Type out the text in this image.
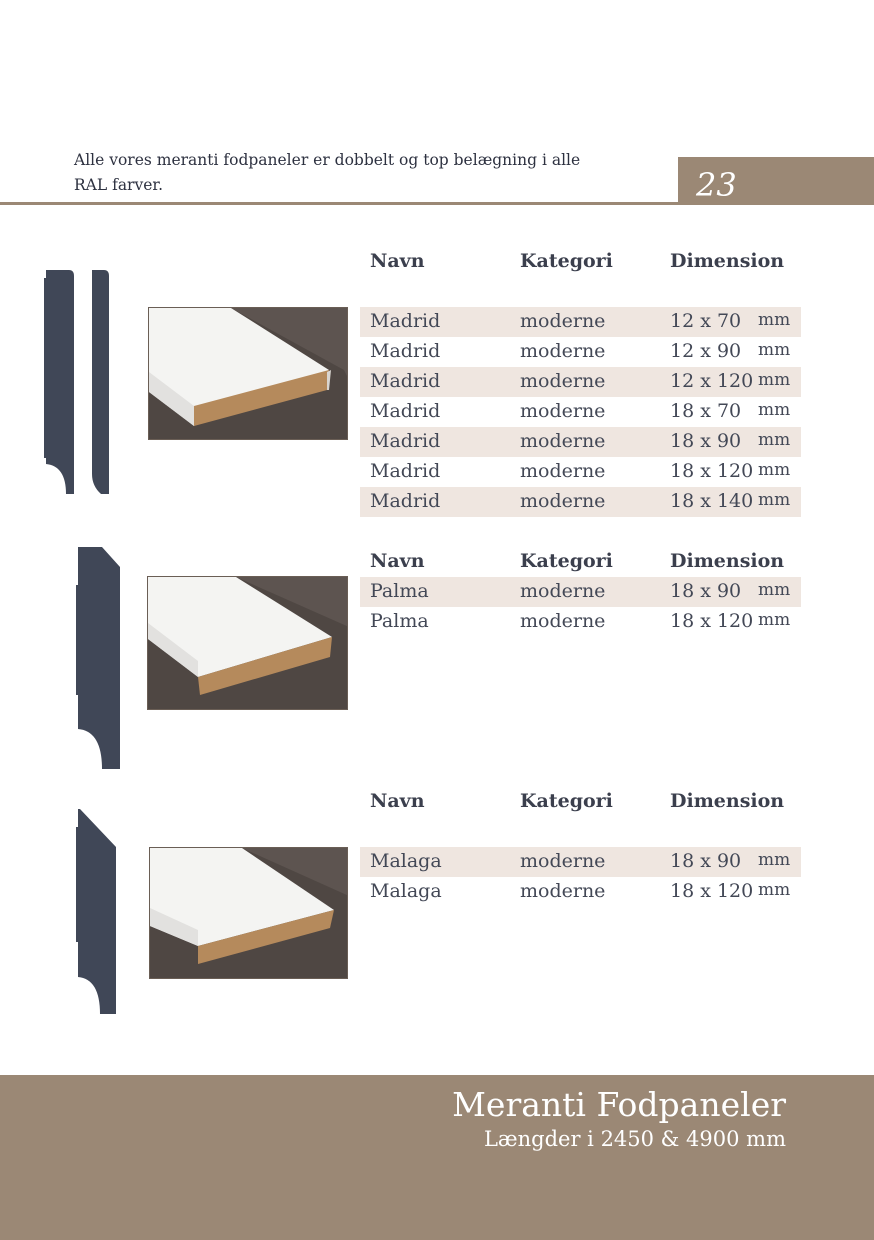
Alle vores meranti fodpaneler er dobbelt og top belægning i alle
RAL farver.	23
Navn	Kategori	Dimension
Madrid	moderne	12 x 70 mm
Madrid	moderne	12 x 90 mm
Madrid	moderne	12 x 120 mm
Madrid	moderne	18 x 70 mm
Madrid	moderne	18 x 90 mm
Madrid	moderne	18 x 120 mm
Madrid	moderne	18 x 140 mm
Navn	Kategori	Dimension
Palma	moderne	18 x 90 mm
Palma	moderne	18 x 120 mm
Navn	Kategori	Dimension
Malaga	moderne	18 x 90 mm
Malaga	moderne	18 x 120 mm
Meranti Fodpaneler
Længder i 2450 & 4900 mm
